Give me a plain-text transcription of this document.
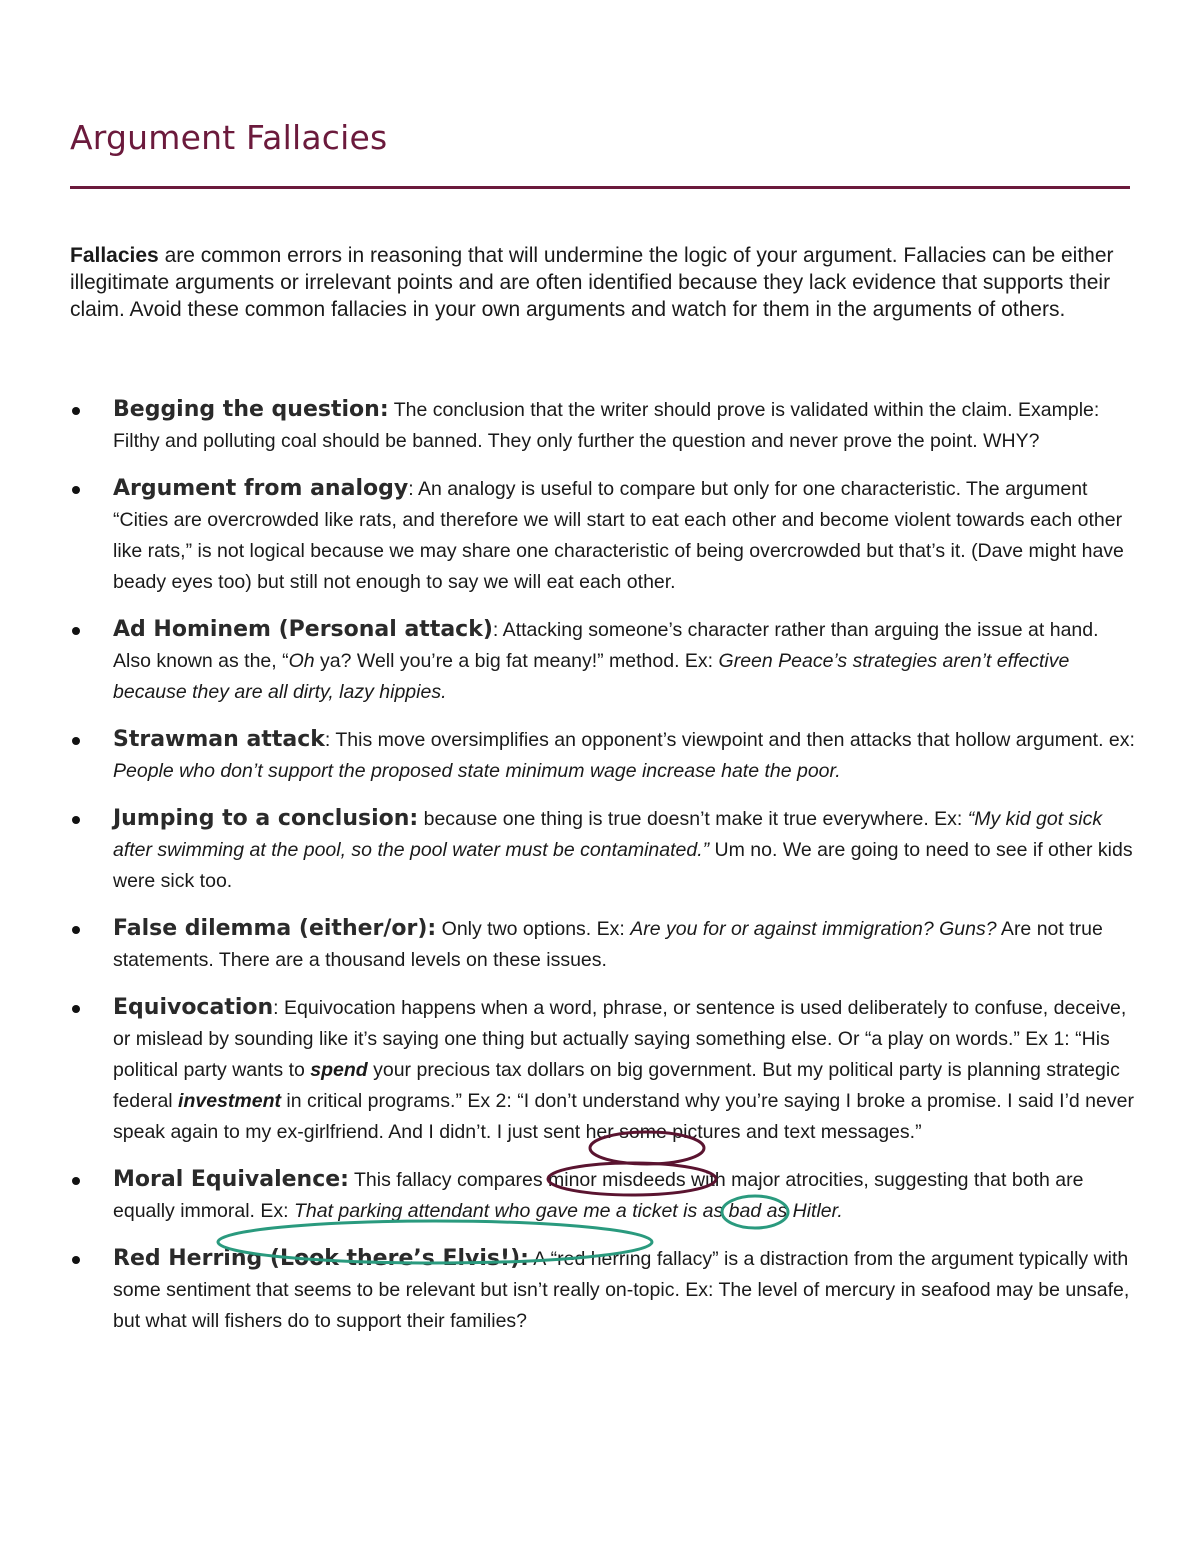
Argument Fallacies
Fallacies are common errors in reasoning that will undermine the logic of your argument. Fallacies can be either illegitimate arguments or irrelevant points and are often identified because they lack evidence that supports their claim. Avoid these common fallacies in your own arguments and watch for them in the arguments of others.
Begging the question: The conclusion that the writer should prove is validated within the claim. Example: Filthy and polluting coal should be banned. They only further the question and never prove the point. WHY?
Argument from analogy: An analogy is useful to compare but only for one characteristic. The argument “Cities are overcrowded like rats, and therefore we will start to eat each other and become violent towards each other like rats,” is not logical because we may share one characteristic of being overcrowded but that’s it. (Dave might have beady eyes too) but still not enough to say we will eat each other.
Ad Hominem (Personal attack): Attacking someone’s character rather than arguing the issue at hand. Also known as the, “Oh ya? Well you’re a big fat meany!” method. Ex: Green Peace’s strategies aren’t effective because they are all dirty, lazy hippies.
Strawman attack: This move oversimplifies an opponent’s viewpoint and then attacks that hollow argument. ex: People who don’t support the proposed state minimum wage increase hate the poor.
Jumping to a conclusion: because one thing is true doesn’t make it true everywhere. Ex: “My kid got sick after swimming at the pool, so the pool water must be contaminated.” Um no. We are going to need to see if other kids were sick too.
False dilemma (either/or): Only two options. Ex: Are you for or against immigration? Guns? Are not true statements. There are a thousand levels on these issues.
Equivocation: Equivocation happens when a word, phrase, or sentence is used deliberately to confuse, deceive, or mislead by sounding like it’s saying one thing but actually saying something else. Or “a play on words.” Ex 1: “His political party wants to spend your precious tax dollars on big government. But my political party is planning strategic federal investment in critical programs.” Ex 2: “I don’t understand why you’re saying I broke a promise. I said I’d never speak again to my ex-girlfriend. And I didn’t. I just sent her some pictures and text messages.”
Moral Equivalence: This fallacy compares minor misdeeds with major atrocities, suggesting that both are equally immoral. Ex: That parking attendant who gave me a ticket is as bad as Hitler.
Red Herring (Look there’s Elvis!): A “red herring fallacy” is a distraction from the argument typically with some sentiment that seems to be relevant but isn’t really on-topic. Ex: The level of mercury in seafood may be unsafe, but what will fishers do to support their families?
